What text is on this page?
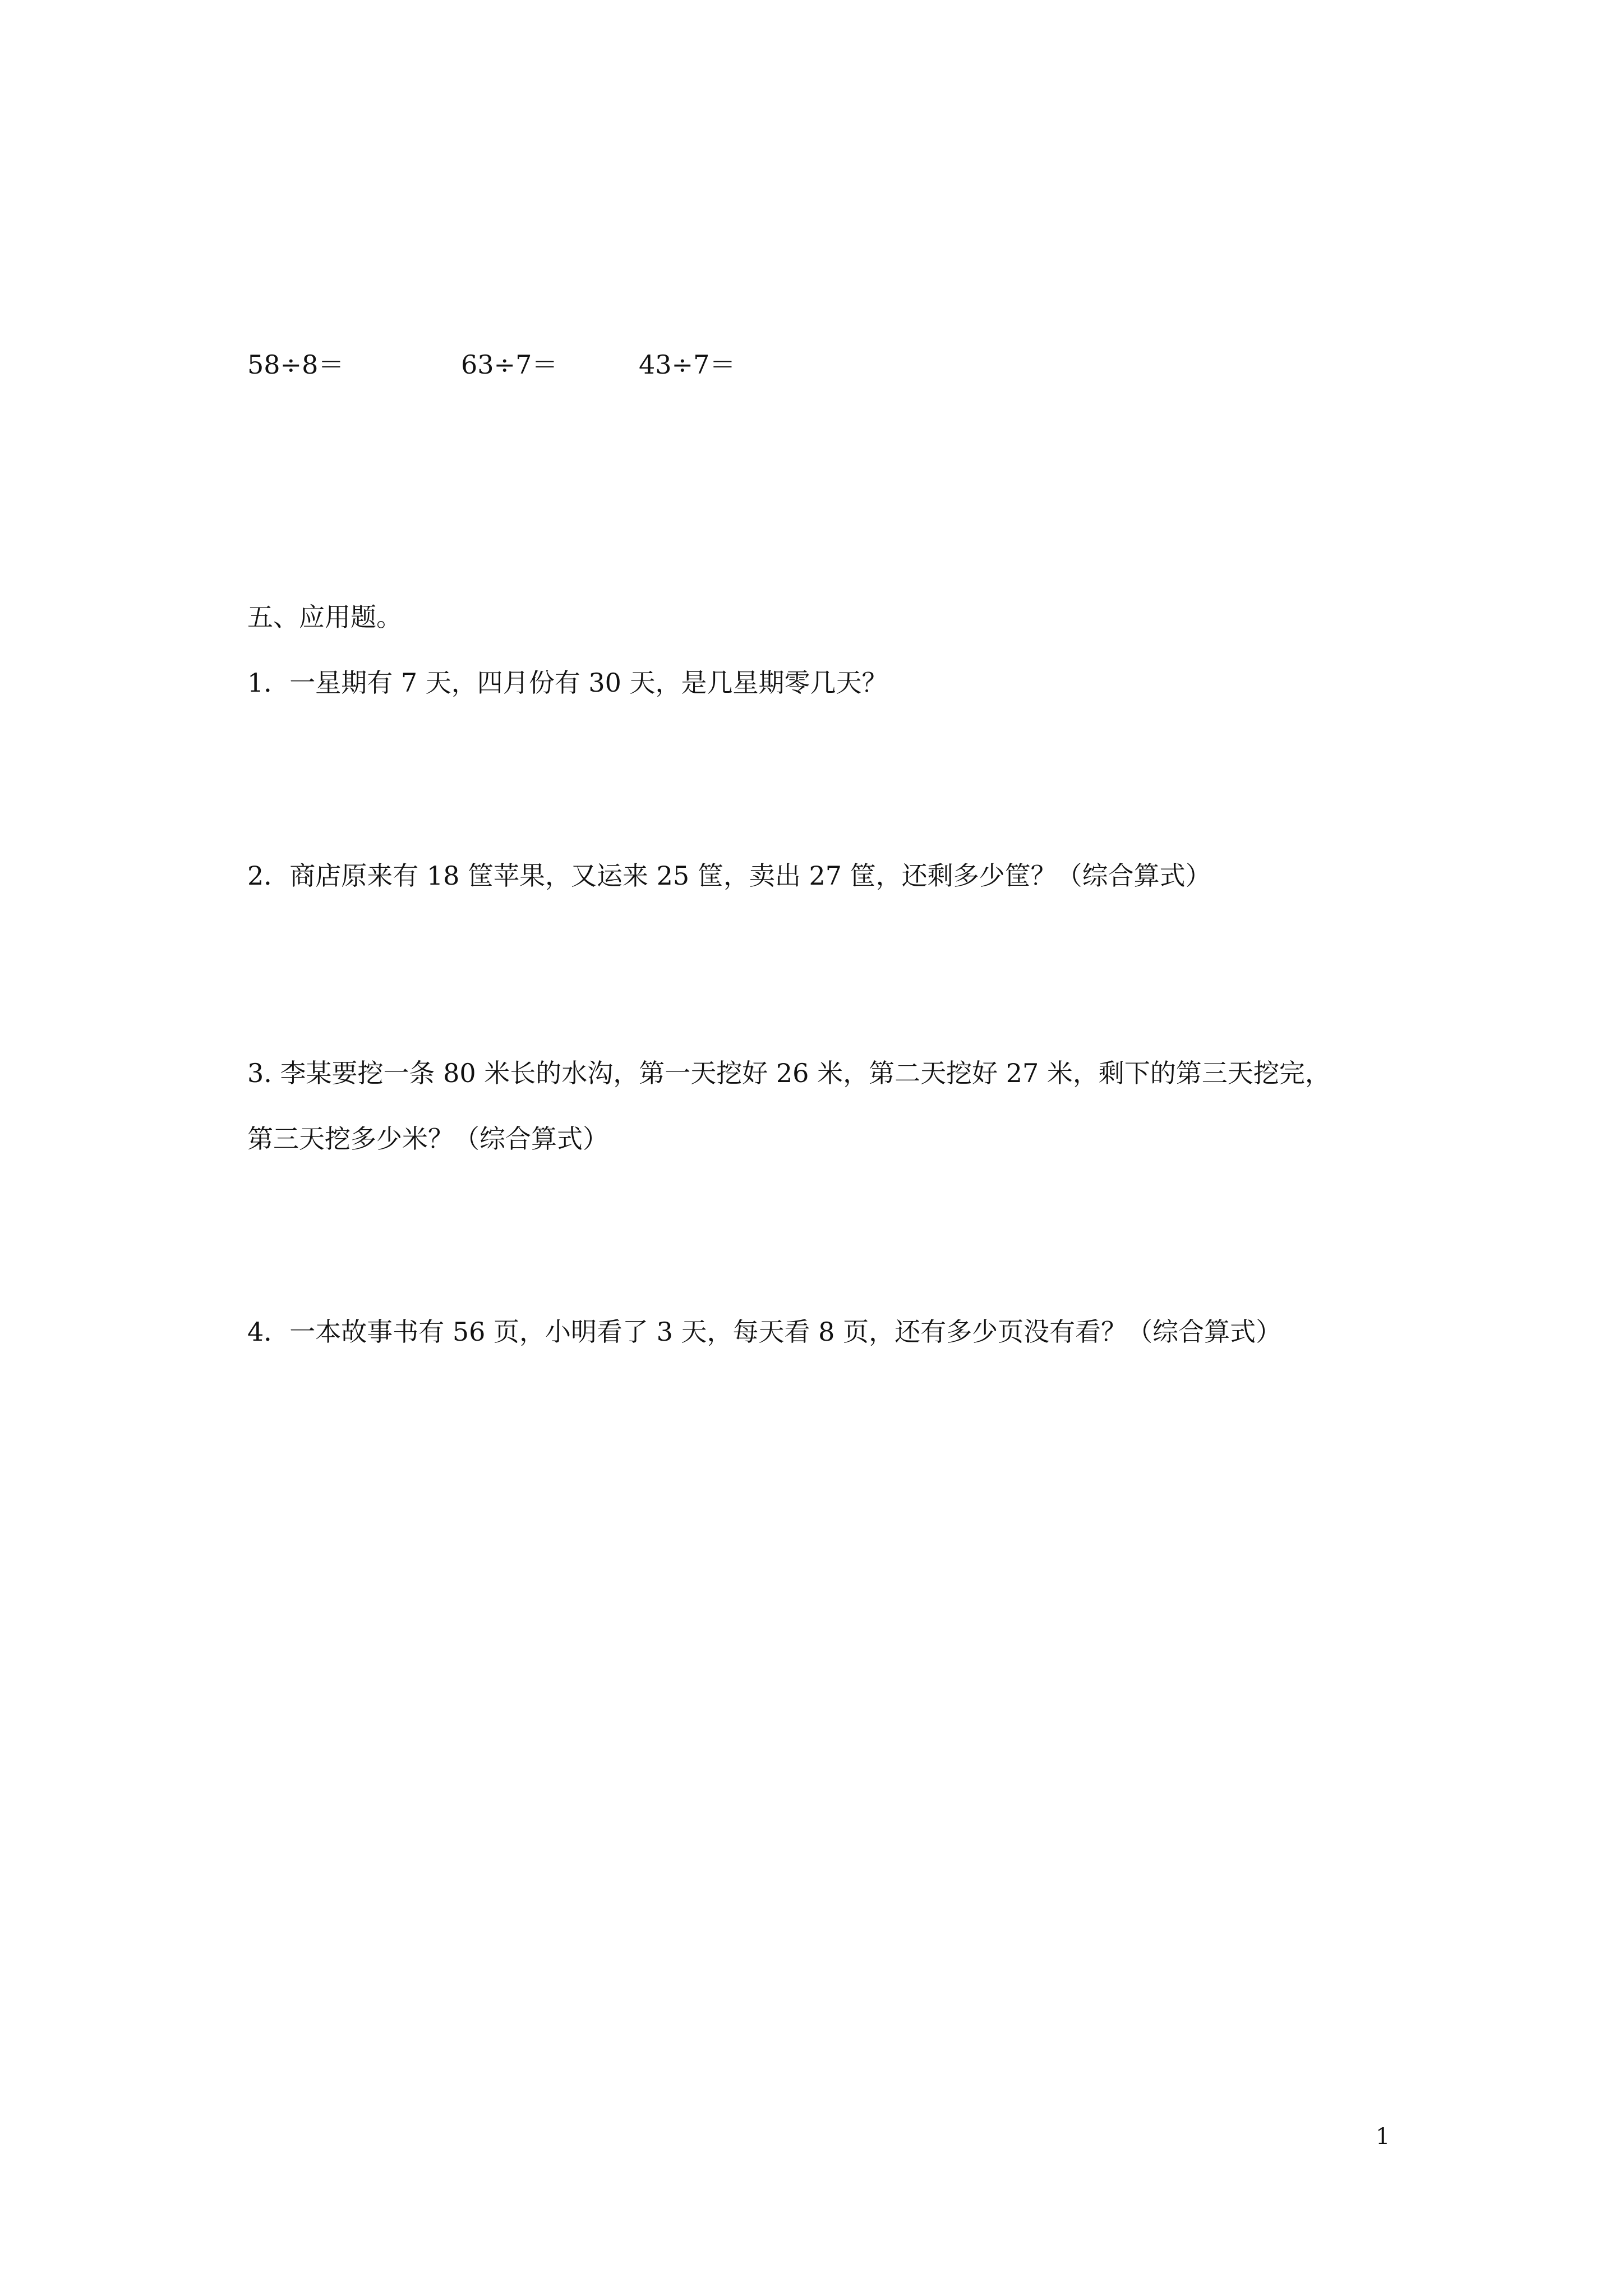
58÷8＝	63÷7＝	43÷7＝
五、应用题。
1．一星期有 7 天，四月份有 30 天，是几星期零几天？
2．商店原来有 18 筐苹果，又运来 25 筐，卖出 27 筐，还剩多少筐？（综合算式）
3. 李某要挖一条 80 米长的水沟，第一天挖好 26 米，第二天挖好 27 米，剩下的第三天挖完，
第三天挖多少米？（综合算式）
4．一本故事书有 56 页，小明看了 3 天，每天看 8 页，还有多少页没有看？（综合算式）
1
